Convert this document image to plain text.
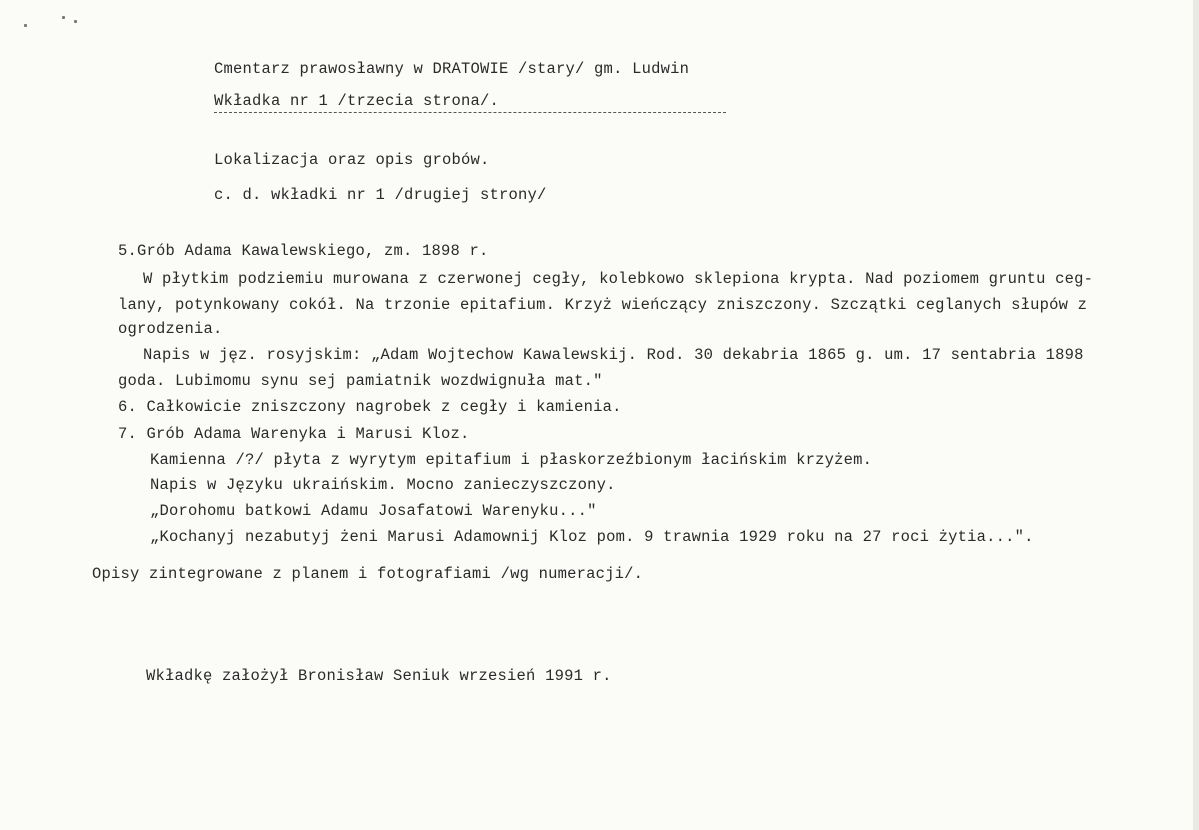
Cmentarz prawosławny w DRATOWIE /stary/ gm. Ludwin
Wkładka nr 1 /trzecia strona/.
Lokalizacja oraz opis grobów.
c. d. wkładki nr 1 /drugiej strony/
5.Grób Adama Kawalewskiego, zm. 1898 r.
W płytkim podziemiu murowana z czerwonej cegły, kolebkowo sklepiona krypta. Nad poziomem gruntu ceg-
lany, potynkowany cokół. Na trzonie epitafium. Krzyż wieńczący zniszczony. Szczątki ceglanych słupów z
ogrodzenia.
Napis w jęz. rosyjskim: „Adam Wojtechow Kawalewskij. Rod. 30 dekabria 1865 g. um. 17 sentabria 1898
goda. Lubimomu synu sej pamiatnik wozdwignuła mat."
6. Całkowicie zniszczony nagrobek z cegły i kamienia.
7. Grób Adama Warenyka i Marusi Kloz.
Kamienna /?/ płyta z wyrytym epitafium i płaskorzeźbionym łacińskim krzyżem.
Napis w Języku ukraińskim. Mocno zanieczyszczony.
„Dorohomu batkowi Adamu Josafatowi Warenyku..."
„Kochanyj nezabutyj żeni Marusi Adamownij Kloz pom. 9 trawnia 1929 roku na 27 roci żytia...".
Opisy zintegrowane z planem i fotografiami /wg numeracji/.
Wkładkę założył Bronisław Seniuk wrzesień 1991 r.
